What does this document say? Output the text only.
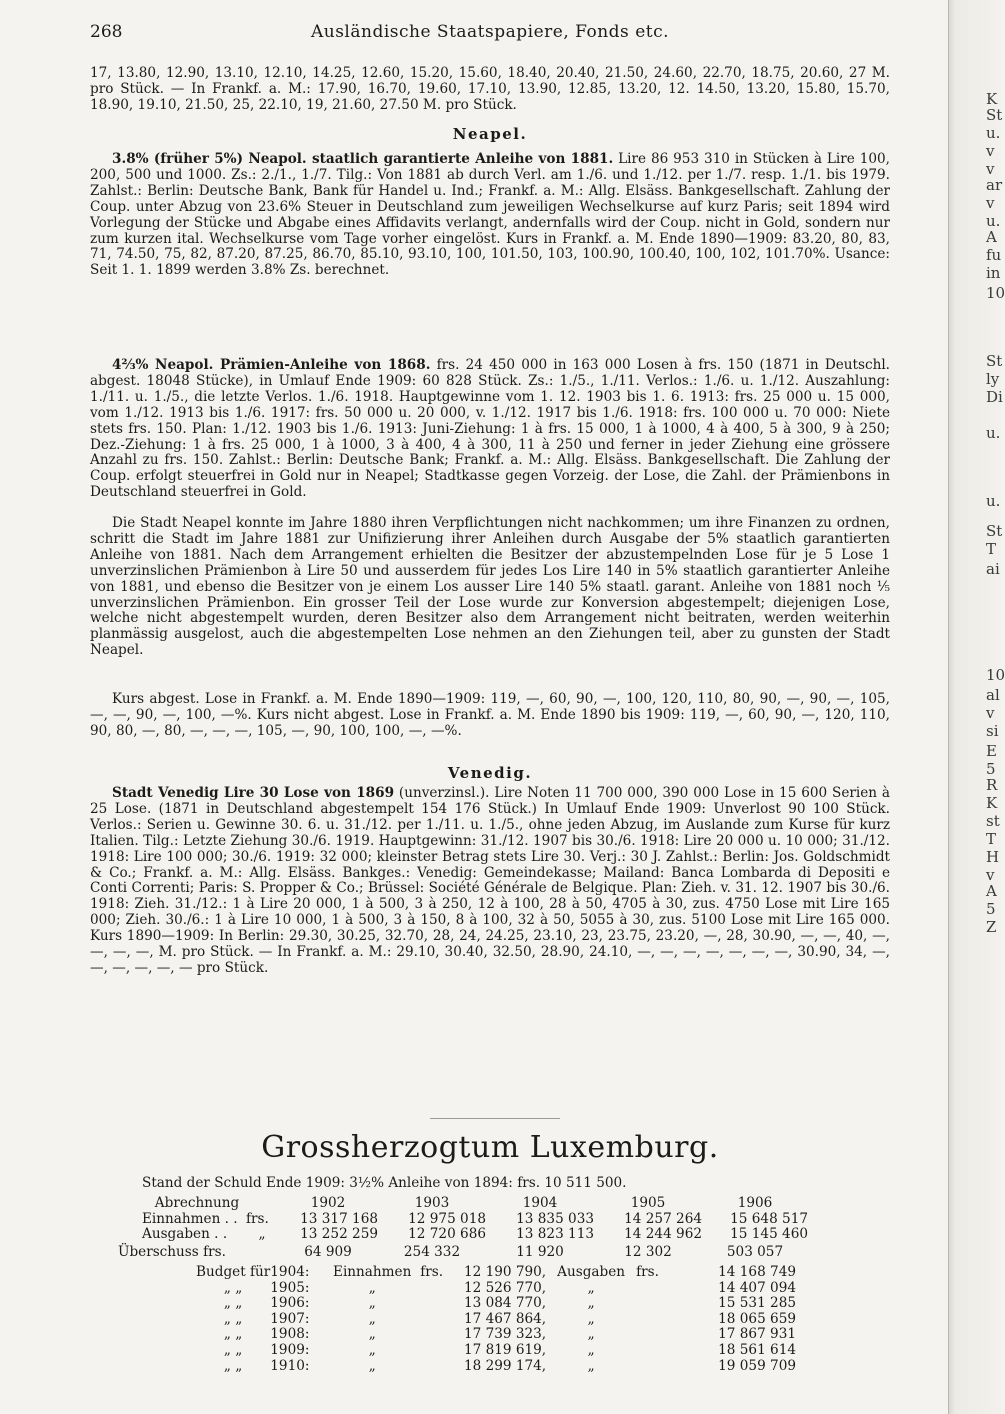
K
St
u.
v
v
ar
v
u.
A
fu
in
10
St
ly
Di
u.
u.
St
T
ai
10
al
v
si
E
5
R
K
st
T
H
v
A
5
Z
268	Ausländische Staatspapiere, Fonds etc.

17, 13.80, 12.90, 13.10, 12.10, 14.25, 12.60, 15.20, 15.60, 18.40, 20.40, 21.50, 24.60, 22.70, 18.75, 20.60, 27 M. pro Stück. — In Frankf. a. M.: 17.90, 16.70, 19.60, 17.10, 13.90, 12.85, 13.20, 12. 14.50, 13.20, 15.80, 15.70, 18.90, 19.10, 21.50, 25, 22.10, 19, 21.60, 27.50 M. pro Stück.

Neapel.

3.8% (früher 5%) Neapol. staatlich garantierte Anleihe von 1881. Lire 86 953 310 in Stücken à Lire 100, 200, 500 und 1000. Zs.: 2./1., 1./7. Tilg.: Von 1881 ab durch Verl. am 1./6. und 1./12. per 1./7. resp. 1./1. bis 1979. Zahlst.: Berlin: Deutsche Bank, Bank für Handel u. Ind.; Frankf. a. M.: Allg. Elsäss. Bankgesellschaft. Zahlung der Coup. unter Abzug von 23.6% Steuer in Deutschland zum jeweiligen Wechselkurse auf kurz Paris; seit 1894 wird Vorlegung der Stücke und Abgabe eines Affidavits verlangt, andernfalls wird der Coup. nicht in Gold, sondern nur zum kurzen ital. Wechselkurse vom Tage vorher eingelöst. Kurs in Frankf. a. M. Ende 1890—1909: 83.20, 80, 83, 71, 74.50, 75, 82, 87.20, 87.25, 86.70, 85.10, 93.10, 100, 101.50, 103, 100.90, 100.40, 100, 102, 101.70%. Usance: Seit 1. 1. 1899 werden 3.8% Zs. berechnet.

4⅔% Neapol. Prämien-Anleihe von 1868. frs. 24 450 000 in 163 000 Losen à frs. 150 (1871 in Deutschl. abgest. 18048 Stücke), in Umlauf Ende 1909: 60 828 Stück. Zs.: 1./5., 1./11. Verlos.: 1./6. u. 1./12. Auszahlung: 1./11. u. 1./5., die letzte Verlos. 1./6. 1918. Hauptgewinne vom 1. 12. 1903 bis 1. 6. 1913: frs. 25 000 u. 15 000, vom 1./12. 1913 bis 1./6. 1917: frs. 50 000 u. 20 000, v. 1./12. 1917 bis 1./6. 1918: frs. 100 000 u. 70 000: Niete stets frs. 150. Plan: 1./12. 1903 bis 1./6. 1913: Juni-Ziehung: 1 à frs. 15 000, 1 à 1000, 4 à 400, 5 à 300, 9 à 250; Dez.-Ziehung: 1 à frs. 25 000, 1 à 1000, 3 à 400, 4 à 300, 11 à 250 und ferner in jeder Ziehung eine grössere Anzahl zu frs. 150. Zahlst.: Berlin: Deutsche Bank; Frankf. a. M.: Allg. Elsäss. Bankgesellschaft. Die Zahlung der Coup. erfolgt steuerfrei in Gold nur in Neapel; Stadtkasse gegen Vorzeig. der Lose, die Zahl. der Prämienbons in Deutschland steuerfrei in Gold.

Die Stadt Neapel konnte im Jahre 1880 ihren Verpflichtungen nicht nachkommen; um ihre Finanzen zu ordnen, schritt die Stadt im Jahre 1881 zur Unifizierung ihrer Anleihen durch Ausgabe der 5% staatlich garantierten Anleihe von 1881. Nach dem Arrangement erhielten die Besitzer der abzustempelnden Lose für je 5 Lose 1 unverzinslichen Prämienbon à Lire 50 und ausserdem für jedes Los Lire 140 in 5% staatlich garantierter Anleihe von 1881, und ebenso die Besitzer von je einem Los ausser Lire 140 5% staatl. garant. Anleihe von 1881 noch ⅕ unverzinslichen Prämienbon. Ein grosser Teil der Lose wurde zur Konversion abgestempelt; diejenigen Lose, welche nicht abgestempelt wurden, deren Besitzer also dem Arrangement nicht beitraten, werden weiterhin planmässig ausgelost, auch die abgestempelten Lose nehmen an den Ziehungen teil, aber zu gunsten der Stadt Neapel.

Kurs abgest. Lose in Frankf. a. M. Ende 1890—1909: 119, —, 60, 90, —, 100, 120, 110, 80, 90, —, 90, —, 105, —, —, 90, —, 100, —%. Kurs nicht abgest. Lose in Frankf. a. M. Ende 1890 bis 1909: 119, —, 60, 90, —, 120, 110, 90, 80, —, 80, —, —, —, 105, —, 90, 100, 100, —, —%.

Venedig.

Stadt Venedig Lire 30 Lose von 1869 (unverzinsl.). Lire Noten 11 700 000, 390 000 Lose in 15 600 Serien à 25 Lose. (1871 in Deutschland abgestempelt 154 176 Stück.) In Umlauf Ende 1909: Unverlost 90 100 Stück. Verlos.: Serien u. Gewinne 30. 6. u. 31./12. per 1./11. u. 1./5., ohne jeden Abzug, im Auslande zum Kurse für kurz Italien. Tilg.: Letzte Ziehung 30./6. 1919. Hauptgewinn: 31./12. 1907 bis 30./6. 1918: Lire 20 000 u. 10 000; 31./12. 1918: Lire 100 000; 30./6. 1919: 32 000; kleinster Betrag stets Lire 30. Verj.: 30 J. Zahlst.: Berlin: Jos. Goldschmidt & Co.; Frankf. a. M.: Allg. Elsäss. Bankges.: Venedig: Gemeindekasse; Mailand: Banca Lombarda di Depositi e Conti Correnti; Paris: S. Propper & Co.; Brüssel: Société Générale de Belgique. Plan: Zieh. v. 31. 12. 1907 bis 30./6. 1918: Zieh. 31./12.: 1 à Lire 20 000, 1 à 500, 3 à 250, 12 à 100, 28 à 50, 4705 à 30, zus. 4750 Lose mit Lire 165 000; Zieh. 30./6.: 1 à Lire 10 000, 1 à 500, 3 à 150, 8 à 100, 32 à 50, 5055 à 30, zus. 5100 Lose mit Lire 165 000. Kurs 1890—1909: In Berlin: 29.30, 30.25, 32.70, 28, 24, 24.25, 23.10, 23, 23.75, 23.20, —, 28, 30.90, —, —, 40, —, —, —, —, M. pro Stück. — In Frankf. a. M.: 29.10, 30.40, 32.50, 28.90, 24.10, —, —, —, —, —, —, —, 30.90, 34, —, —, —, —, —, — pro Stück.

Grossherzogtum Luxemburg.

Stand der Schuld Ende 1909: 3½% Anleihe von 1894: frs. 10 511 500.

Abrechnung		1902	1903	1904	1905	1906
Einnahmen . .	frs.	13 317 168	12 975 018	13 835 033	14 257 264	15 648 517
Ausgaben . .	„	13 252 259	12 720 686	13 823 113	14 244 962	15 145 460
Überschuss frs.	64 909	254 332	11 920	12 302	503 057
Budget für	1904:	Einnahmen	frs.	12 190 790,	Ausgaben	frs.	14 168 749
„ „	1905:	„		12 526 770,	„		14 407 094
„ „	1906:	„		13 084 770,	„		15 531 285
„ „	1907:	„		17 467 864,	„		18 065 659
„ „	1908:	„		17 739 323,	„		17 867 931
„ „	1909:	„		17 819 619,	„		18 561 614
„ „	1910:	„		18 299 174,	„		19 059 709
